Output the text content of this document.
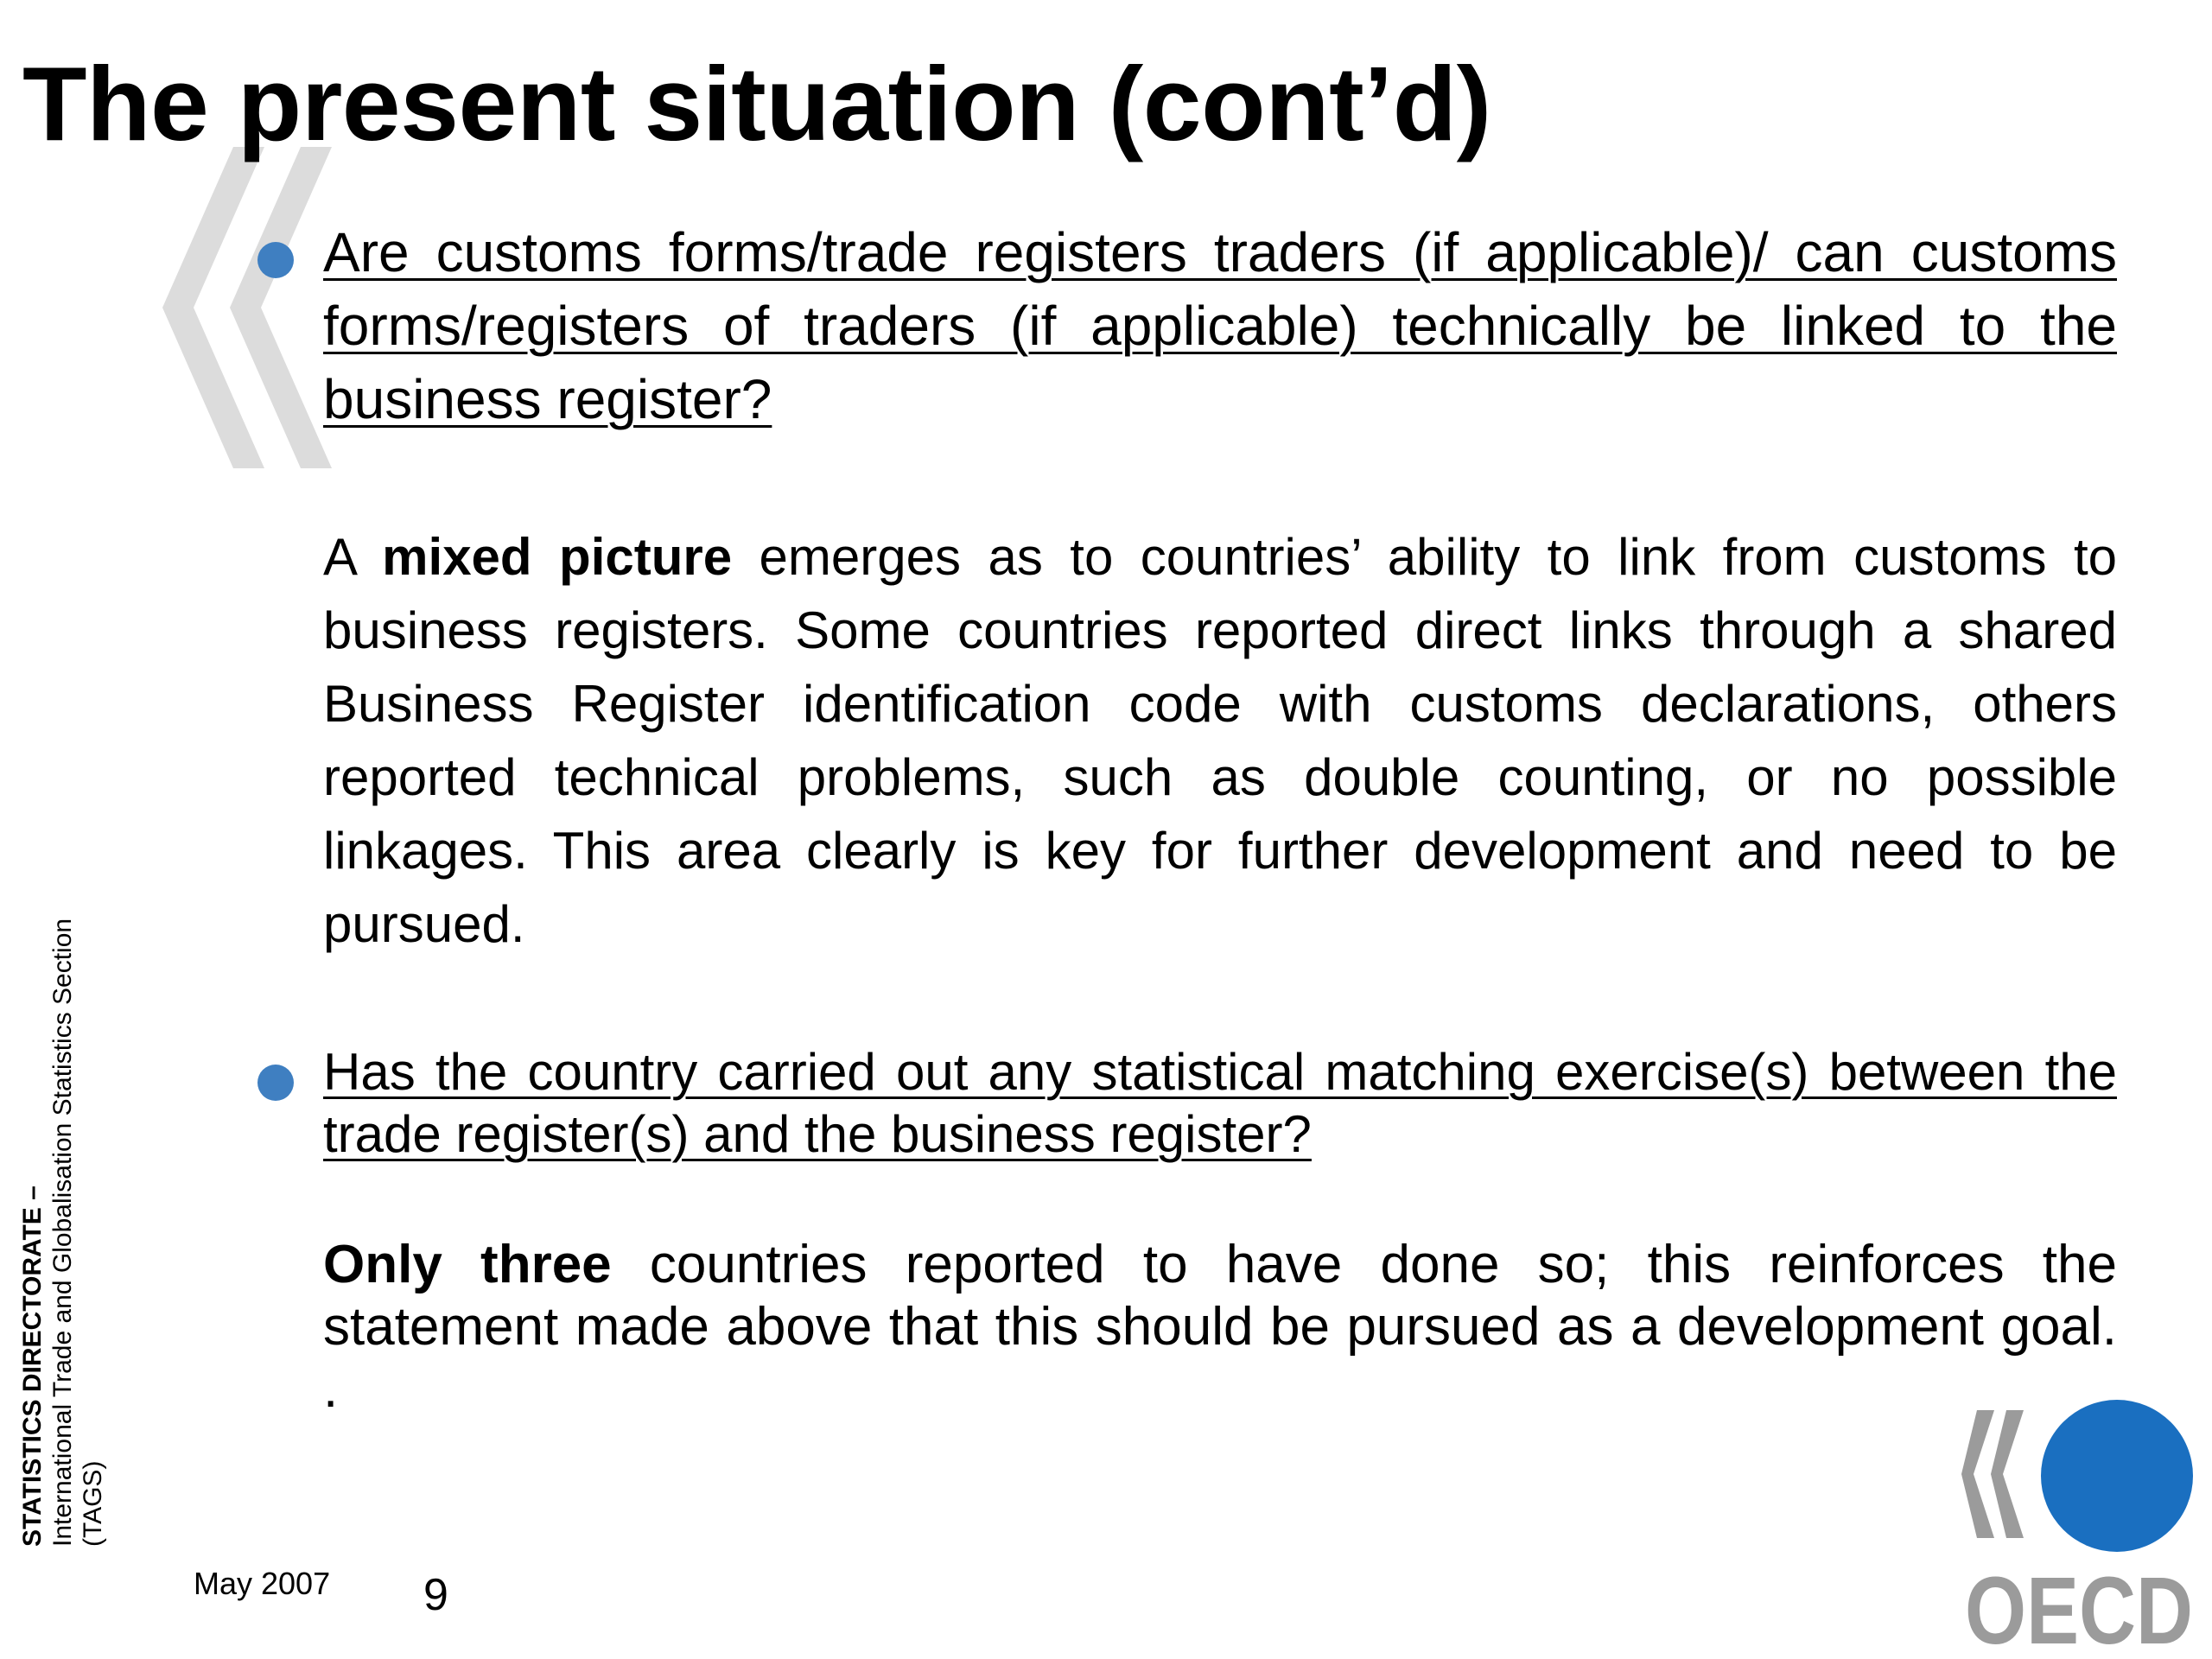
The present situation (cont’d)

Are customs forms/trade registers traders (if applicable)/ can customs forms/registers of traders (if applicable) technically be linked to the business register?

A mixed picture emerges as to countries’ ability to link from customs to business registers. Some countries reported direct links through a shared Business Register identification code with customs declarations, others reported technical problems, such as double counting, or no possible linkages. This area clearly is key for further development and need to be pursued.

Has the country carried out any statistical matching exercise(s) between the trade register(s) and the business register?

Only three countries reported to have done so; this reinforces the statement made above that this should be pursued as a development goal. .

STATISTICS DIRECTORATE – International Trade and Globalisation Statistics Section (TAGS)

May 2007 9	OECD
